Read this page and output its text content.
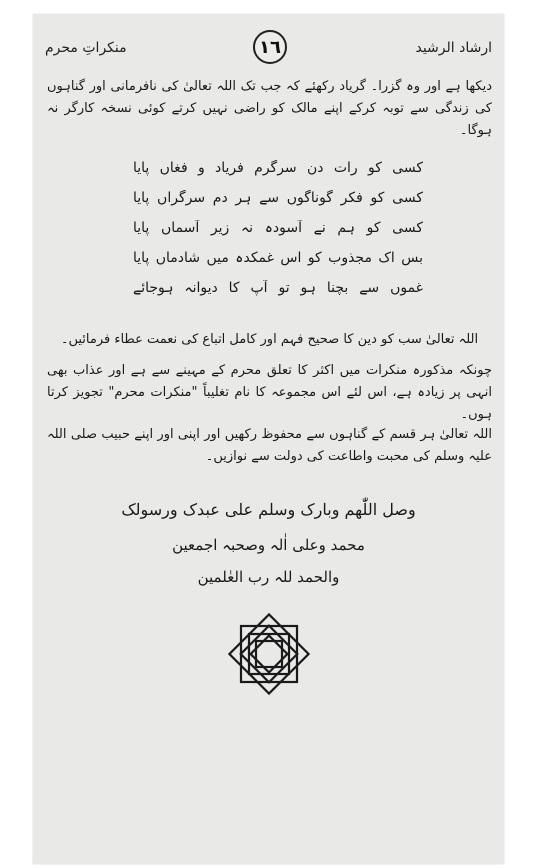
ارشاد الرشید
١٦
منکراتِ محرم
دیکھا ہے اور وہ گزرا۔ گریاد رکھئے کہ جب تک اللہ تعالیٰ کی نافرمانی اور گناہوں کی زندگی سے توبہ کرکے اپنے مالک کو راضی نہیں کرتے کوئی نسخہ کارگر نہ ہوگا۔
کسی کو رات دن سرگرم فریاد و فغاں پایا
کسی کو فکر گوناگوں سے ہر دم سرگراں پایا
کسی کو ہم نے آسودہ نہ زیر آسماں پایا
بس اک مجذوب کو اس غمکدہ میں شادماں پایا
غموں سے بچنا ہو تو آپ کا دیوانہ ہوجائے
اللہ تعالیٰ سب کو دین کا صحیح فہم اور کامل اتباع کی نعمت عطاء فرمائیں۔
چونکہ مذکورہ منکرات میں اکثر کا تعلق محرم کے مہینے سے ہے اور عذاب بھی انہی پر زیادہ ہے، اس لئے اس مجموعہ کا نام تغلیباً "منکرات محرم" تجویز کرتا ہوں۔
اللہ تعالیٰ ہر قسم کے گناہوں سے محفوظ رکھیں اور اپنی اور اپنے حبیب صلی اللہ علیہ وسلم کی محبت واطاعت کی دولت سے نوازیں۔
وصل اللّٰھم وبارک وسلم علی عبدک ورسولک
محمد وعلی اٰلہ وصحبہ اجمعین
والحمد للہ رب العٰلمین
